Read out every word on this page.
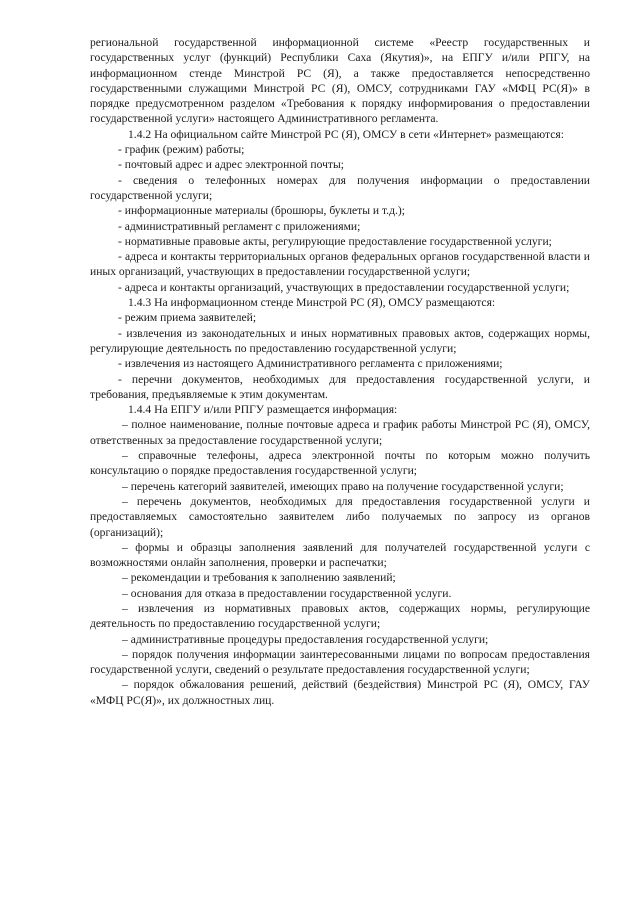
региональной государственной информационной системе «Реестр государственных и государственных услуг (функций) Республики Саха (Якутия)», на ЕПГУ и/или РПГУ, на информационном стенде Минстрой РС (Я), а также предоставляется непосредственно государственными служащими Минстрой РС (Я), ОМСУ, сотрудниками ГАУ «МФЦ РС(Я)» в порядке предусмотренном разделом «Требования к порядку информирования о предоставлении государственной услуги» настоящего Административного регламента.

1.4.2 На официальном сайте Минстрой РС (Я), ОМСУ в сети «Интернет» размещаются:

- график (режим) работы;

- почтовый адрес и адрес электронной почты;

- сведения о телефонных номерах для получения информации о предоставлении государственной услуги;

- информационные материалы (брошюры, буклеты и т.д.);

- административный регламент с приложениями;

- нормативные правовые акты, регулирующие предоставление государственной услуги;

- адреса и контакты территориальных органов федеральных органов государственной власти и иных организаций, участвующих в предоставлении государственной услуги;

- адреса и контакты организаций, участвующих в предоставлении государственной услуги;

1.4.3 На информационном стенде Минстрой РС (Я), ОМСУ размещаются:

- режим приема заявителей;

- извлечения из законодательных и иных нормативных правовых актов, содержащих нормы, регулирующие деятельность по предоставлению государственной услуги;

- извлечения из настоящего Административного регламента с приложениями;

- перечни документов, необходимых для предоставления государственной услуги, и требования, предъявляемые к этим документам.

1.4.4 На ЕПГУ и/или РПГУ размещается информация:

– полное наименование, полные почтовые адреса и график работы Минстрой РС (Я), ОМСУ, ответственных за предоставление государственной услуги;

– справочные телефоны, адреса электронной почты по которым можно получить консультацию о порядке предоставления государственной услуги;

– перечень категорий заявителей, имеющих право на получение государственной услуги;

– перечень документов, необходимых для предоставления государственной услуги и предоставляемых самостоятельно заявителем либо получаемых по запросу из органов (организаций);

– формы и образцы заполнения заявлений для получателей государственной услуги с возможностями онлайн заполнения, проверки и распечатки;

– рекомендации и требования к заполнению заявлений;

– основания для отказа в предоставлении государственной услуги.

– извлечения из нормативных правовых актов, содержащих нормы, регулирующие деятельность по предоставлению государственной услуги;

– административные процедуры предоставления государственной услуги;

– порядок получения информации заинтересованными лицами по вопросам предоставления государственной услуги, сведений о результате предоставления государственной услуги;

– порядок обжалования решений, действий (бездействия) Минстрой РС (Я), ОМСУ, ГАУ «МФЦ РС(Я)», их должностных лиц.
